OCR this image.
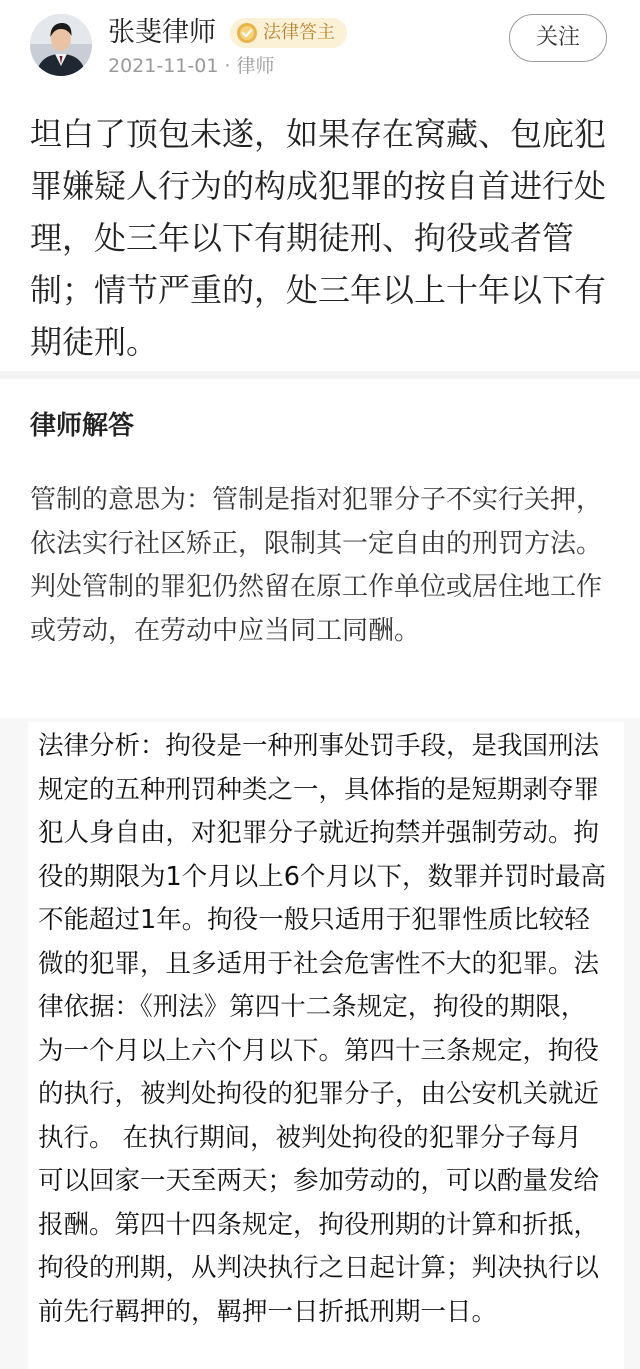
张斐律师	法律答主
2021-11-01 · 律师
关注

坦白了顶包未遂，如果存在窝藏、包庇犯罪嫌疑人行为的构成犯罪的按自首进行处理，处三年以下有期徒刑、拘役或者管制；情节严重的，处三年以上十年以下有期徒刑。

律师解答

管制的意思为：管制是指对犯罪分子不实行关押，依法实行社区矫正，限制其一定自由的刑罚方法。判处管制的罪犯仍然留在原工作单位或居住地工作或劳动，在劳动中应当同工同酬。

法律分析：拘役是一种刑事处罚手段，是我国刑法规定的五种刑罚种类之一，具体指的是短期剥夺罪犯人身自由，对犯罪分子就近拘禁并强制劳动。拘役的期限为1个月以上6个月以下，数罪并罚时最高不能超过1年。拘役一般只适用于犯罪性质比较轻微的犯罪，且多适用于社会危害性不大的犯罪。法律依据：《刑法》第四十二条规定，拘役的期限，为一个月以上六个月以下。第四十三条规定，拘役的执行，被判处拘役的犯罪分子，由公安机关就近执行。 在执行期间，被判处拘役的犯罪分子每月可以回家一天至两天；参加劳动的，可以酌量发给报酬。第四十四条规定，拘役刑期的计算和折抵，拘役的刑期，从判决执行之日起计算；判决执行以前先行羁押的，羁押一日折抵刑期一日。
